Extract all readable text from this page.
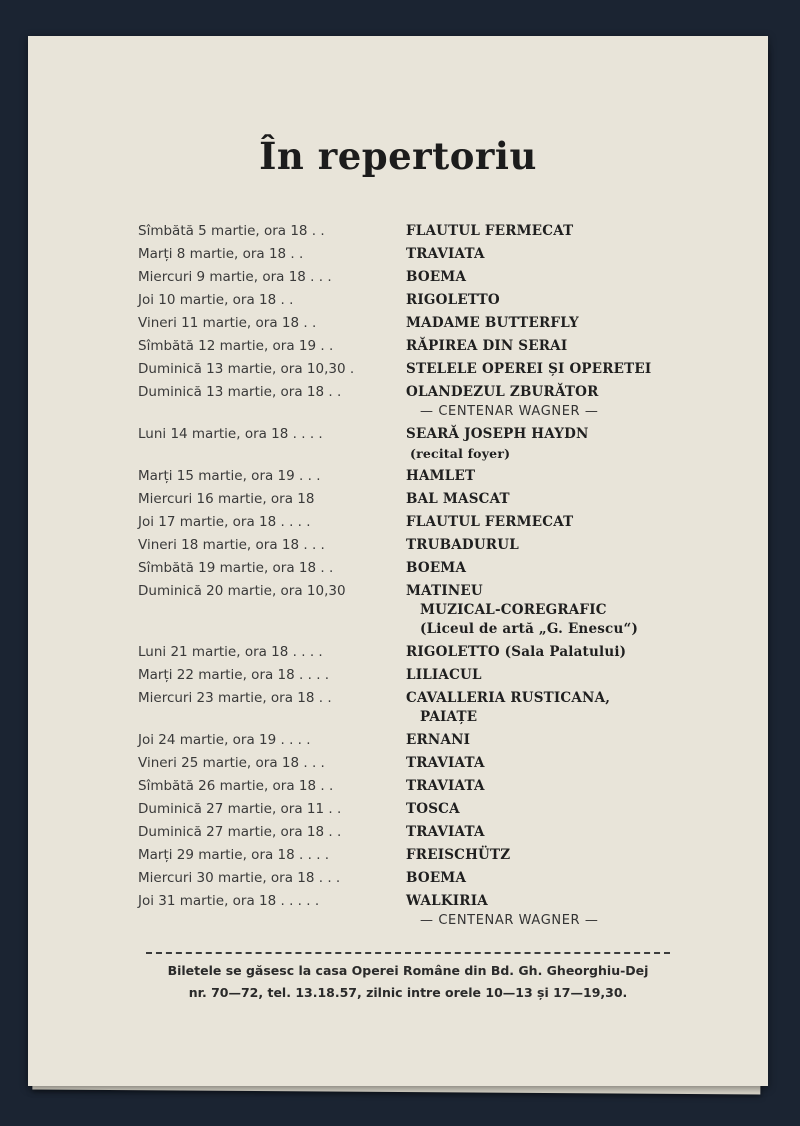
În repertoriu
Sîmbătă 5 martie, ora 18 . .	FLAUTUL FERMECAT
Marți 8 martie, ora 18 . .	TRAVIATA
Miercuri 9 martie, ora 18 . . .	BOEMA
Joi 10 martie, ora 18 . .	RIGOLETTO
Vineri 11 martie, ora 18 . .	MADAME BUTTERFLY
Sîmbătă 12 martie, ora 19 . .	RĂPIREA DIN SERAI
Duminică 13 martie, ora 10,30 .	STELELE OPEREI ȘI OPERETEI
Duminică 13 martie, ora 18 . .	OLANDEZUL ZBURĂTOR
— CENTENAR WAGNER —
Luni 14 martie, ora 18 . . . .	SEARĂ JOSEPH HAYDN
(recital foyer)
Marți 15 martie, ora 19 . . .	HAMLET
Miercuri 16 martie, ora 18	BAL MASCAT
Joi 17 martie, ora 18 . . . .	FLAUTUL FERMECAT
Vineri 18 martie, ora 18 . . .	TRUBADURUL
Sîmbătă 19 martie, ora 18 . .	BOEMA
Duminică 20 martie, ora 10,30	MATINEU
MUZICAL-COREGRAFIC
(Liceul de artă „G. Enescu“)
Luni 21 martie, ora 18 . . . .	RIGOLETTO (Sala Palatului)
Marți 22 martie, ora 18 . . . .	LILIACUL
Miercuri 23 martie, ora 18 . .	CAVALLERIA RUSTICANA,
PAIAȚE
Joi 24 martie, ora 19 . . . .	ERNANI
Vineri 25 martie, ora 18 . . .	TRAVIATA
Sîmbătă 26 martie, ora 18 . .	TRAVIATA
Duminică 27 martie, ora 11 . .	TOSCA
Duminică 27 martie, ora 18 . .	TRAVIATA
Marți 29 martie, ora 18 . . . .	FREISCHÜTZ
Miercuri 30 martie, ora 18 . . .	BOEMA
Joi 31 martie, ora 18 . . . . .	WALKIRIA
— CENTENAR WAGNER —
Biletele se găsesc la casa Operei Române din Bd. Gh. Gheorghiu-Dej
nr. 70—72, tel. 13.18.57, zilnic intre orele 10—13 și 17—19,30.
